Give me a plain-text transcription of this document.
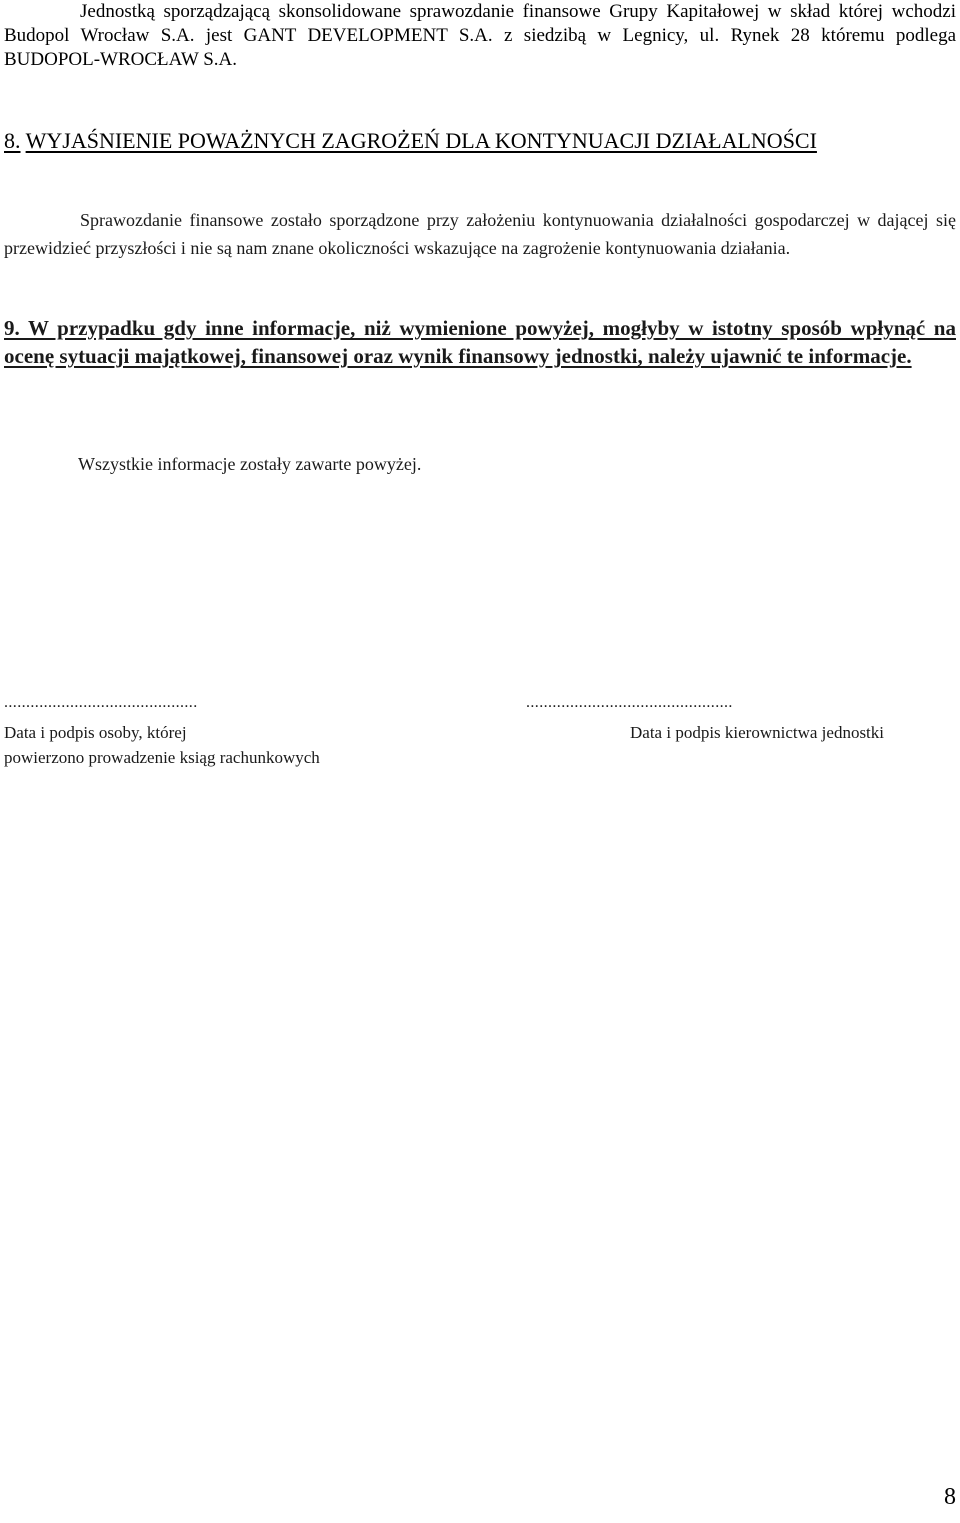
Jednostką sporządzającą skonsolidowane sprawozdanie finansowe Grupy Kapitałowej w skład której wchodzi Budopol Wrocław S.A. jest GANT DEVELOPMENT S.A. z siedzibą w Legnicy, ul. Rynek 28 któremu podlega BUDOPOL-WROCŁAW S.A.

8. WYJAŚNIENIE POWAŻNYCH ZAGROŻEŃ DLA KONTYNUACJI DZIAŁALNOŚCI

Sprawozdanie finansowe zostało sporządzone przy założeniu kontynuowania działalności gospodarczej w dającej się przewidzieć przyszłości i nie są nam znane okoliczności wskazujące na zagrożenie kontynuowania działania.

9. W przypadku gdy inne informacje, niż wymienione powyżej, mogłyby w istotny sposób wpłynąć na ocenę sytuacji majątkowej, finansowej oraz wynik finansowy jednostki, należy ujawnić te informacje.

Wszystkie informacje zostały zawarte powyżej.

............................................	...............................................
Data i podpis osoby, której
powierzono prowadzenie ksiąg rachunkowych
Data i podpis kierownictwa jednostki
8
